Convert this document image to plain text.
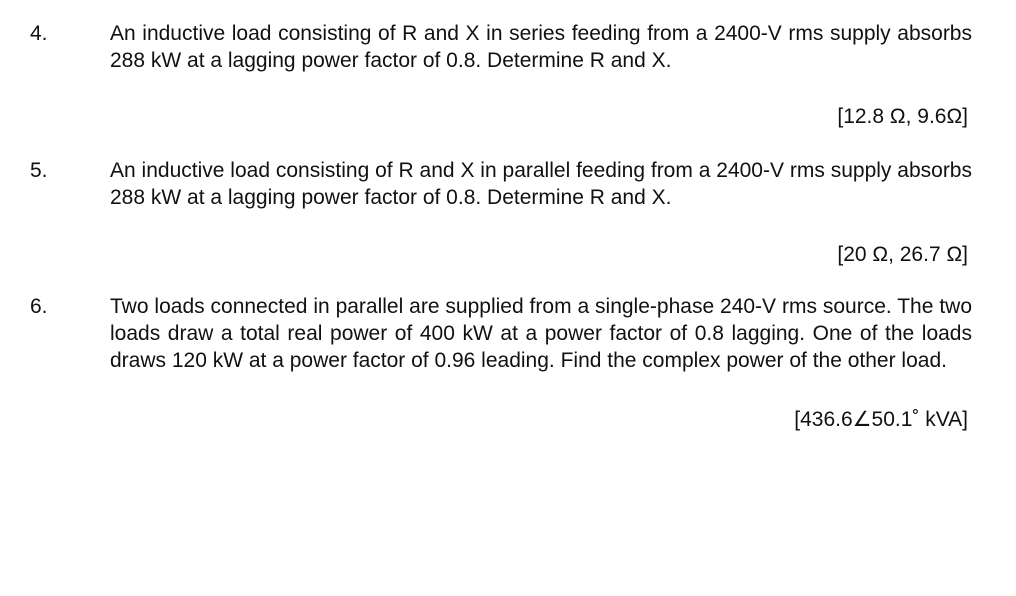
4.	An inductive load consisting of R and X in series feeding from a 2400-V rms supply absorbs 288 kW at a lagging power factor of 0.8. Determine R and X.
[12.8 Ω, 9.6Ω]
5.	An inductive load consisting of R and X in parallel feeding from a 2400-V rms supply absorbs 288 kW at a lagging power factor of 0.8. Determine R and X.
[20 Ω, 26.7 Ω]
6.	Two loads connected in parallel are supplied from a single-phase 240-V rms source. The two loads draw a total real power of 400 kW at a power factor of 0.8 lagging. One of the loads draws 120 kW at a power factor of 0.96 leading. Find the complex power of the other load.
[436.6∠50.1˚ kVA]
